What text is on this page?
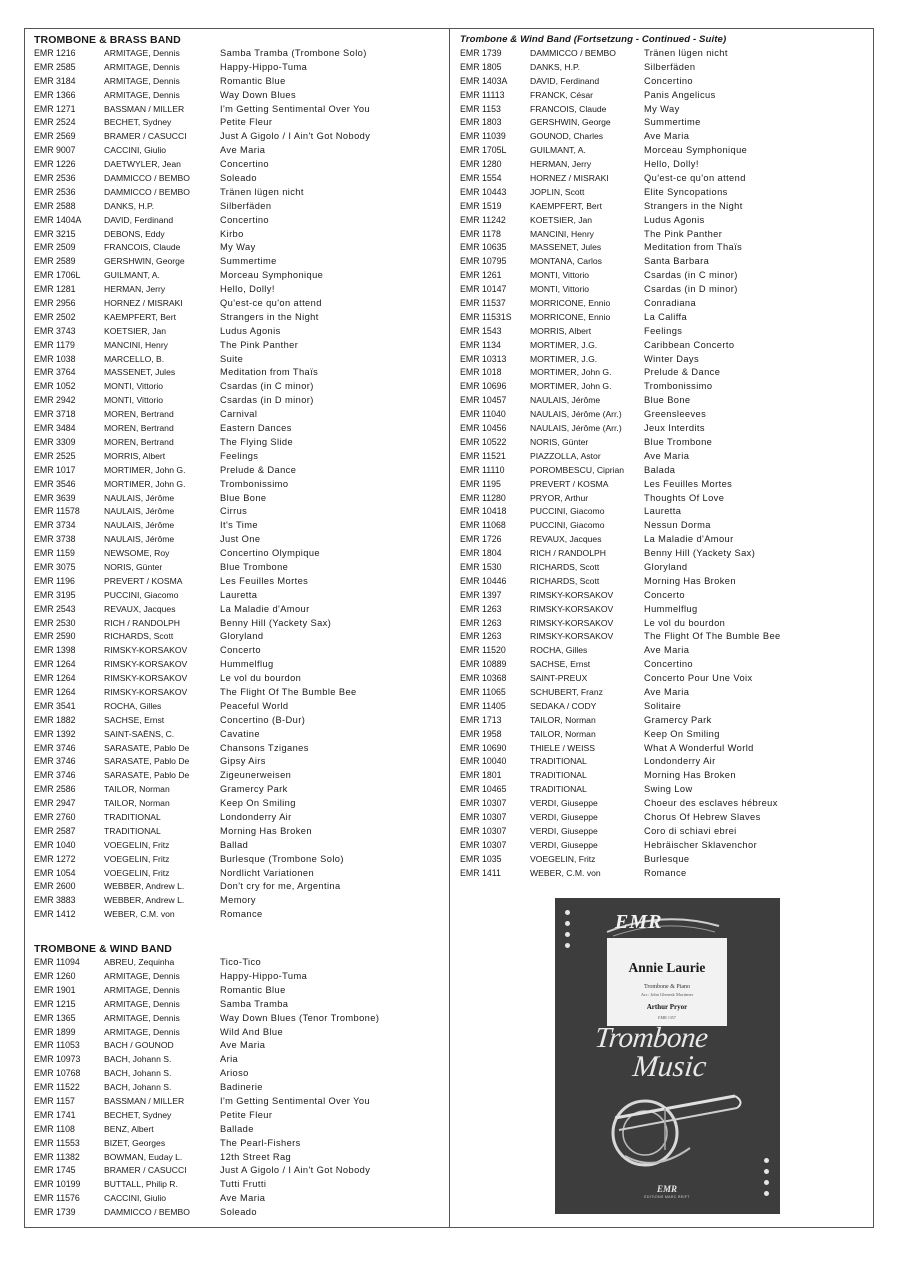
TROMBONE & BRASS BAND
EMR 1216	ARMITAGE, Dennis	Samba Tramba (Trombone Solo)
EMR 2585	ARMITAGE, Dennis	Happy-Hippo-Tuma
EMR 3184	ARMITAGE, Dennis	Romantic Blue
EMR 1366	ARMITAGE, Dennis	Way Down Blues
EMR 1271	BASSMAN / MILLER	I'm Getting Sentimental Over You
EMR 2524	BECHET, Sydney	Petite Fleur
EMR 2569	BRAMER / CASUCCI	Just A Gigolo / I Ain't Got Nobody
EMR 9007	CACCINI, Giulio	Ave Maria
EMR 1226	DAETWYLER, Jean	Concertino
EMR 2536	DAMMICCO / BEMBO	Soleado
EMR 2536	DAMMICCO / BEMBO	Tränen lügen nicht
EMR 2588	DANKS, H.P.	Silberfäden
EMR 1404A	DAVID, Ferdinand	Concertino
EMR 3215	DEBONS, Eddy	Kirbo
EMR 2509	FRANCOIS, Claude	My Way
EMR 2589	GERSHWIN, George	Summertime
EMR 1706L	GUILMANT, A.	Morceau Symphonique
EMR 1281	HERMAN, Jerry	Hello, Dolly!
EMR 2956	HORNEZ / MISRAKI	Qu'est-ce qu'on attend
EMR 2502	KAEMPFERT, Bert	Strangers in the Night
EMR 3743	KOETSIER, Jan	Ludus Agonis
EMR 1179	MANCINI, Henry	The Pink Panther
EMR 1038	MARCELLO, B.	Suite
EMR 3764	MASSENET, Jules	Meditation from Thaïs
EMR 1052	MONTI, Vittorio	Csardas (in C minor)
EMR 2942	MONTI, Vittorio	Csardas (in D minor)
EMR 3718	MOREN, Bertrand	Carnival
EMR 3484	MOREN, Bertrand	Eastern Dances
EMR 3309	MOREN, Bertrand	The Flying Slide
EMR 2525	MORRIS, Albert	Feelings
EMR 1017	MORTIMER, John G.	Prelude & Dance
EMR 3546	MORTIMER, John G.	Trombonissimo
EMR 3639	NAULAIS, Jérôme	Blue Bone
EMR 11578	NAULAIS, Jérôme	Cirrus
EMR 3734	NAULAIS, Jérôme	It's Time
EMR 3738	NAULAIS, Jérôme	Just One
EMR 1159	NEWSOME, Roy	Concertino Olympique
EMR 3075	NORIS, Günter	Blue Trombone
EMR 1196	PREVERT / KOSMA	Les Feuilles Mortes
EMR 3195	PUCCINI, Giacomo	Lauretta
EMR 2543	REVAUX, Jacques	La Maladie d'Amour
EMR 2530	RICH / RANDOLPH	Benny Hill (Yackety Sax)
EMR 2590	RICHARDS, Scott	Gloryland
EMR 1398	RIMSKY-KORSAKOV	Concerto
EMR 1264	RIMSKY-KORSAKOV	Hummelflug
EMR 1264	RIMSKY-KORSAKOV	Le vol du bourdon
EMR 1264	RIMSKY-KORSAKOV	The Flight Of The Bumble Bee
EMR 3541	ROCHA, Gilles	Peaceful World
EMR 1882	SACHSE, Ernst	Concertino (B-Dur)
EMR 1392	SAINT-SAËNS, C.	Cavatine
EMR 3746	SARASATE, Pablo De	Chansons Tziganes
EMR 3746	SARASATE, Pablo De	Gipsy Airs
EMR 3746	SARASATE, Pablo De	Zigeunerweisen
EMR 2586	TAILOR, Norman	Gramercy Park
EMR 2947	TAILOR, Norman	Keep On Smiling
EMR 2760	TRADITIONAL	Londonderry Air
EMR 2587	TRADITIONAL	Morning Has Broken
EMR 1040	VOEGELIN, Fritz	Ballad
EMR 1272	VOEGELIN, Fritz	Burlesque (Trombone Solo)
EMR 1054	VOEGELIN, Fritz	Nordlicht Variationen
EMR 2600	WEBBER, Andrew L.	Don't cry for me, Argentina
EMR 3883	WEBBER, Andrew L.	Memory
EMR 1412	WEBER, C.M. von	Romance
TROMBONE & WIND BAND
EMR 11094	ABREU, Zequinha	Tico-Tico
EMR 1260	ARMITAGE, Dennis	Happy-Hippo-Tuma
EMR 1901	ARMITAGE, Dennis	Romantic Blue
EMR 1215	ARMITAGE, Dennis	Samba Tramba
EMR 1365	ARMITAGE, Dennis	Way Down Blues (Tenor Trombone)
EMR 1899	ARMITAGE, Dennis	Wild And Blue
EMR 11053	BACH / GOUNOD	Ave Maria
EMR 10973	BACH, Johann S.	Aria
EMR 10768	BACH, Johann S.	Arioso
EMR 11522	BACH, Johann S.	Badinerie
EMR 1157	BASSMAN / MILLER	I'm Getting Sentimental Over You
EMR 1741	BECHET, Sydney	Petite Fleur
EMR 1108	BENZ, Albert	Ballade
EMR 11553	BIZET, Georges	The Pearl-Fishers
EMR 11382	BOWMAN, Euday L.	12th Street Rag
EMR 1745	BRAMER / CASUCCI	Just A Gigolo / I Ain't Got Nobody
EMR 10199	BUTTALL, Philip R.	Tutti Frutti
EMR 11576	CACCINI, Giulio	Ave Maria
EMR 1739	DAMMICCO / BEMBO	Soleado
Trombone & Wind Band (Fortsetzung - Continued - Suite)
EMR 1739	DAMMICCO / BEMBO	Tränen lügen nicht
EMR 1805	DANKS, H.P.	Silberfäden
EMR 1403A	DAVID, Ferdinand	Concertino
EMR 11113	FRANCK, César	Panis Angelicus
EMR 1153	FRANCOIS, Claude	My Way
EMR 1803	GERSHWIN, George	Summertime
EMR 11039	GOUNOD, Charles	Ave Maria
EMR 1705L	GUILMANT, A.	Morceau Symphonique
EMR 1280	HERMAN, Jerry	Hello, Dolly!
EMR 1554	HORNEZ / MISRAKI	Qu'est-ce qu'on attend
EMR 10443	JOPLIN, Scott	Elite Syncopations
EMR 1519	KAEMPFERT, Bert	Strangers in the Night
EMR 11242	KOETSIER, Jan	Ludus Agonis
EMR 1178	MANCINI, Henry	The Pink Panther
EMR 10635	MASSENET, Jules	Meditation from Thaïs
EMR 10795	MONTANA, Carlos	Santa Barbara
EMR 1261	MONTI, Vittorio	Csardas (in C minor)
EMR 10147	MONTI, Vittorio	Csardas (in D minor)
EMR 11537	MORRICONE, Ennio	Conradiana
EMR 11531S	MORRICONE, Ennio	La Califfa
EMR 1543	MORRIS, Albert	Feelings
EMR 1134	MORTIMER, J.G.	Caribbean Concerto
EMR 10313	MORTIMER, J.G.	Winter Days
EMR 1018	MORTIMER, John G.	Prelude & Dance
EMR 10696	MORTIMER, John G.	Trombonissimo
EMR 10457	NAULAIS, Jérôme	Blue Bone
EMR 11040	NAULAIS, Jérôme (Arr.)	Greensleeves
EMR 10456	NAULAIS, Jérôme (Arr.)	Jeux Interdits
EMR 10522	NORIS, Günter	Blue Trombone
EMR 11521	PIAZZOLLA, Astor	Ave Maria
EMR 11110	POROMBESCU, Ciprian	Balada
EMR 1195	PREVERT / KOSMA	Les Feuilles Mortes
EMR 11280	PRYOR, Arthur	Thoughts Of Love
EMR 10418	PUCCINI, Giacomo	Lauretta
EMR 11068	PUCCINI, Giacomo	Nessun Dorma
EMR 1726	REVAUX, Jacques	La Maladie d'Amour
EMR 1804	RICH / RANDOLPH	Benny Hill (Yackety Sax)
EMR 1530	RICHARDS, Scott	Gloryland
EMR 10446	RICHARDS, Scott	Morning Has Broken
EMR 1397	RIMSKY-KORSAKOV	Concerto
EMR 1263	RIMSKY-KORSAKOV	Hummelflug
EMR 1263	RIMSKY-KORSAKOV	Le vol du bourdon
EMR 1263	RIMSKY-KORSAKOV	The Flight Of The Bumble Bee
EMR 11520	ROCHA, Gilles	Ave Maria
EMR 10889	SACHSE, Ernst	Concertino
EMR 10368	SAINT-PREUX	Concerto Pour Une Voix
EMR 11065	SCHUBERT, Franz	Ave Maria
EMR 11405	SEDAKA / CODY	Solitaire
EMR 1713	TAILOR, Norman	Gramercy Park
EMR 1958	TAILOR, Norman	Keep On Smiling
EMR 10690	THIELE / WEISS	What A Wonderful World
EMR 10040	TRADITIONAL	Londonderry Air
EMR 1801	TRADITIONAL	Morning Has Broken
EMR 10465	TRADITIONAL	Swing Low
EMR 10307	VERDI, Giuseppe	Choeur des esclaves hébreux
EMR 10307	VERDI, Giuseppe	Chorus Of Hebrew Slaves
EMR 10307	VERDI, Giuseppe	Coro di schiavi ebrei
EMR 10307	VERDI, Giuseppe	Hebräischer Sklavenchor
EMR 1035	VOEGELIN, Fritz	Burlesque
EMR 1411	WEBER, C.M. von	Romance
EMR
Annie Laurie
Trombone & Piano
Arr.: John Glenesk Mortimer
Arthur Pryor
EMR 1357
Trombone
Music
EMR
EDITIONS MARC REIFT
